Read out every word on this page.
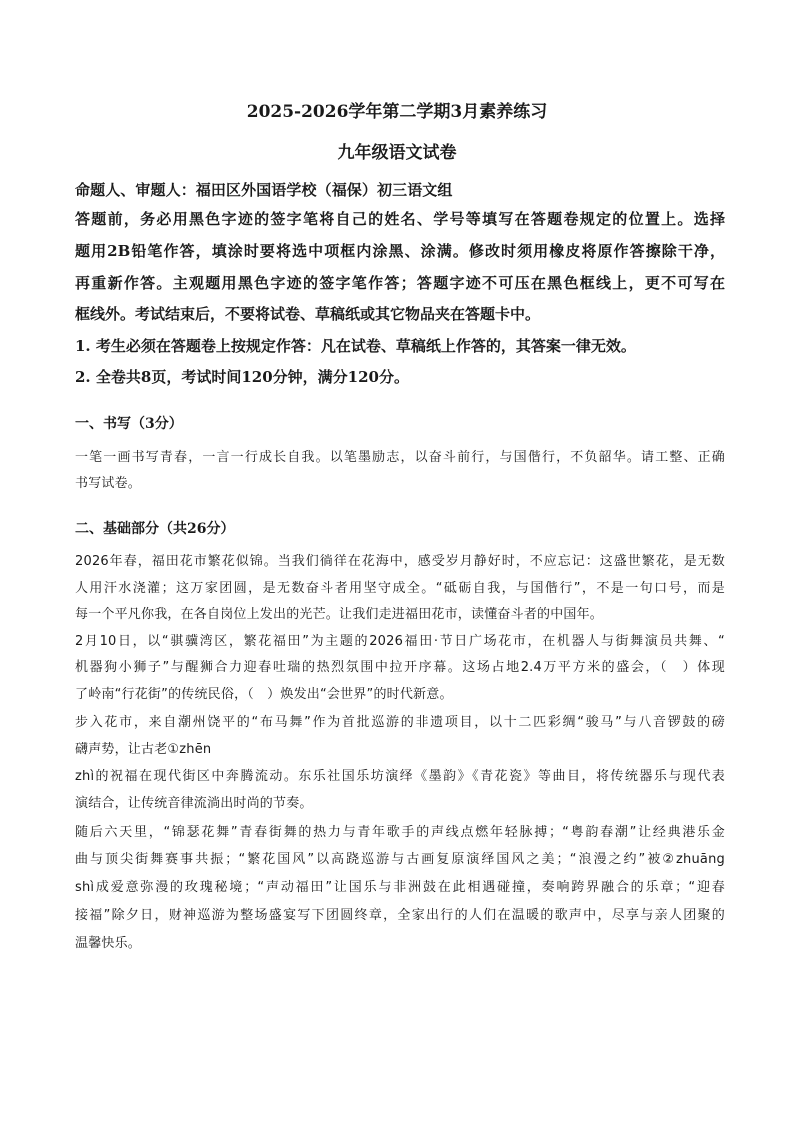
2025-2026学年第二学期3月素养练习
九年级语文试卷

命题人、审题人：福田区外国语学校（福保）初三语文组

答题前，务必用黑色字迹的签字笔将自己的姓名、学号等填写在答题卷规定的位置上。选择

题用2B铅笔作答，填涂时要将选中项框内涂黑、涂满。修改时须用橡皮将原作答擦除干净，

再重新作答。主观题用黑色字迹的签字笔作答；答题字迹不可压在黑色框线上，更不可写在

框线外。考试结束后，不要将试卷、草稿纸或其它物品夹在答题卡中。

1. 考生必须在答题卷上按规定作答：凡在试卷、草稿纸上作答的，其答案一律无效。

2. 全卷共8页，考试时间120分钟，满分120分。

一、书写（3分）

一笔一画书写青春，一言一行成长自我。以笔墨励志，以奋斗前行，与国偕行，不负韶华。请工整、正确

书写试卷。

二、基础部分（共26分）

2026年春，福田花市繁花似锦。当我们徜徉在花海中，感受岁月静好时，不应忘记：这盛世繁花，是无数

人用汗水浇灌；这万家团圆，是无数奋斗者用坚守成全。“砥砺自我，与国偕行”，不是一句口号，而是

每一个平凡你我，在各自岗位上发出的光芒。让我们走进福田花市，读懂奋斗者的中国年。

2月10日，以“骐骥湾区，繁花福田”为主题的2026福田·节日广场花市，在机器人与街舞演员共舞、“

机器狗小狮子”与醒狮合力迎春吐瑞的热烈氛围中拉开序幕。这场占地2.4万平方米的盛会，（　）体现

了岭南“行花街”的传统民俗，（　）焕发出“会世界”的时代新意。

步入花市，来自潮州饶平的“布马舞”作为首批巡游的非遗项目，以十二匹彩绸“骏马”与八音锣鼓的磅

礴声势，让古老①zhēn

zhì的祝福在现代街区中奔腾流动。东乐社国乐坊演绎《墨韵》《青花瓷》等曲目，将传统器乐与现代表

演结合，让传统音律流淌出时尚的节奏。

随后六天里，“锦瑟花舞”青春街舞的热力与青年歌手的声线点燃年轻脉搏；“粤韵春潮”让经典港乐金

曲与顶尖街舞赛事共振；“繁花国风”以高跷巡游与古画复原演绎国风之美；“浪漫之约”被②zhuāng

shì成爱意弥漫的玫瑰秘境；“声动福田”让国乐与非洲鼓在此相遇碰撞，奏响跨界融合的乐章；“迎春

接福”除夕日，财神巡游为整场盛宴写下团圆终章，全家出行的人们在温暖的歌声中，尽享与亲人团聚的

温馨快乐。
